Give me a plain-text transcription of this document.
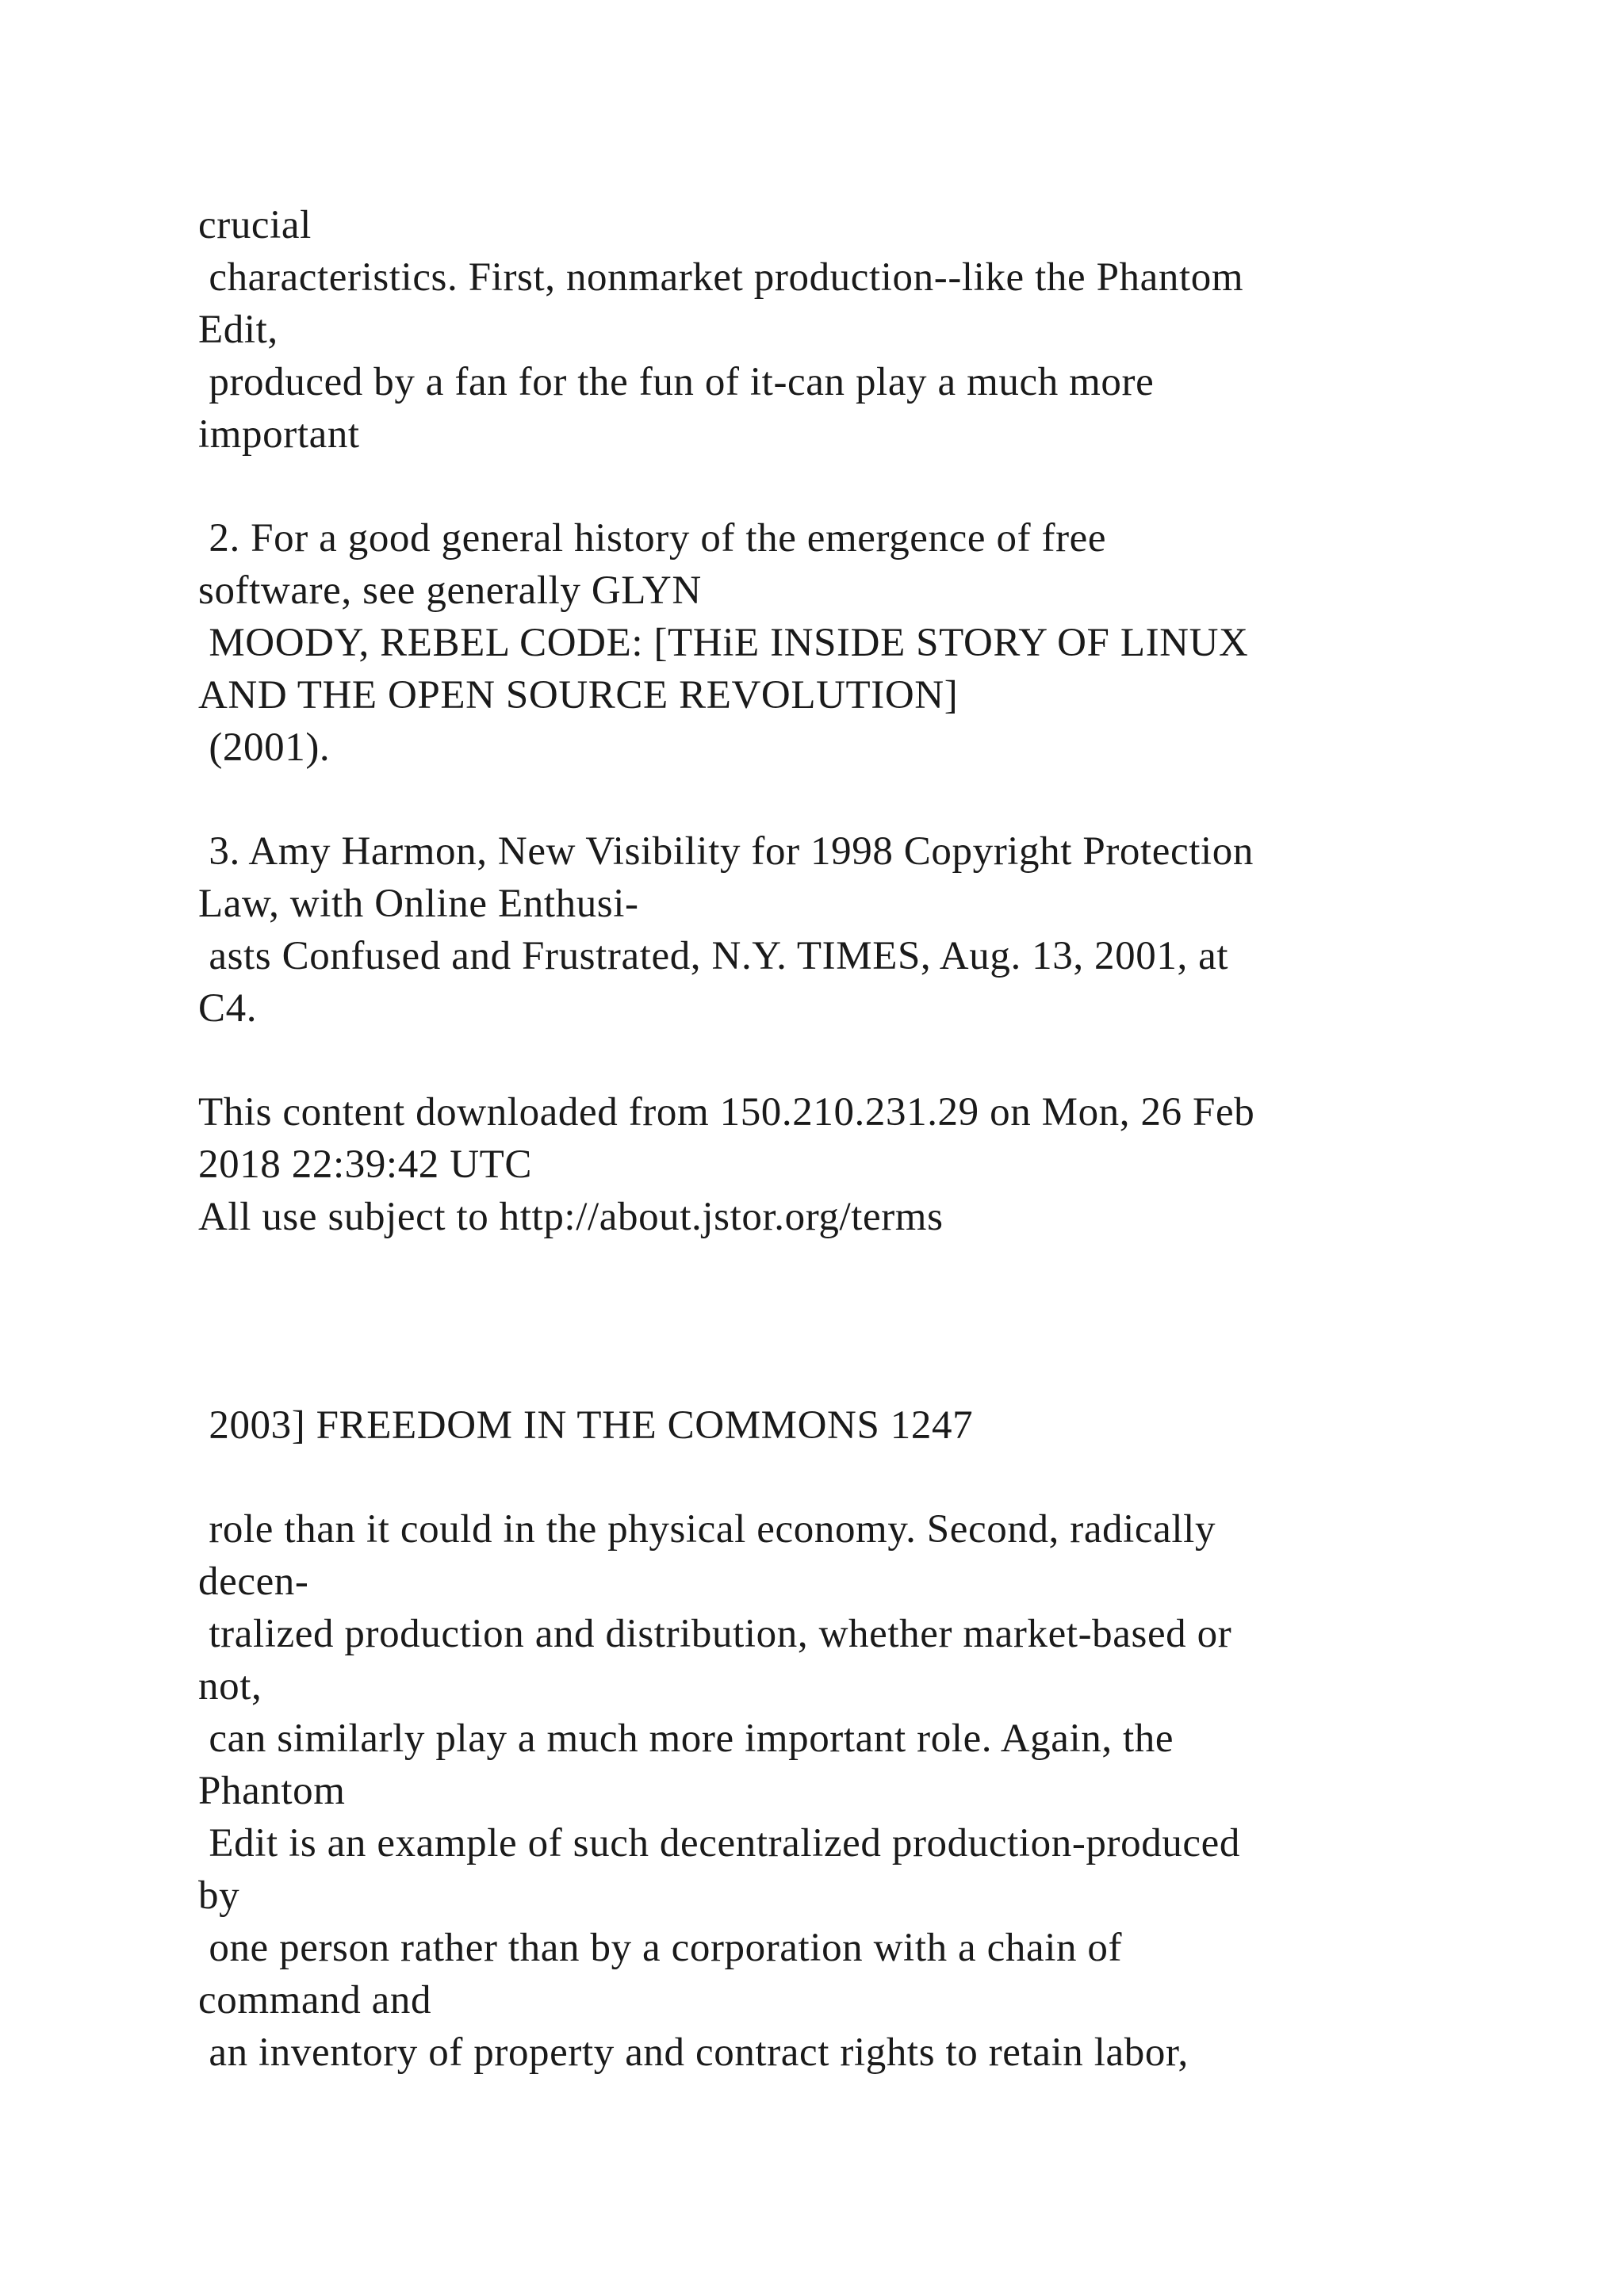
crucial

characteristics. First, nonmarket production--like the Phantom

Edit,

produced by a fan for the fun of it-can play a much more

important

2. For a good general history of the emergence of free

software, see generally GLYN

MOODY, REBEL CODE: [THiE INSIDE STORY OF LINUX

AND THE OPEN SOURCE REVOLUTION]

(2001).

3. Amy Harmon, New Visibility for 1998 Copyright Protection

Law, with Online Enthusi-

asts Confused and Frustrated, N.Y. TIMES, Aug. 13, 2001, at

C4.

This content downloaded from 150.210.231.29 on Mon, 26 Feb

2018 22:39:42 UTC

All use subject to http://about.jstor.org/terms

2003] FREEDOM IN THE COMMONS 1247

role than it could in the physical economy. Second, radically

decen-

tralized production and distribution, whether market-based or

not,

can similarly play a much more important role. Again, the

Phantom

Edit is an example of such decentralized production-produced

by

one person rather than by a corporation with a chain of

command and

an inventory of property and contract rights to retain labor,
